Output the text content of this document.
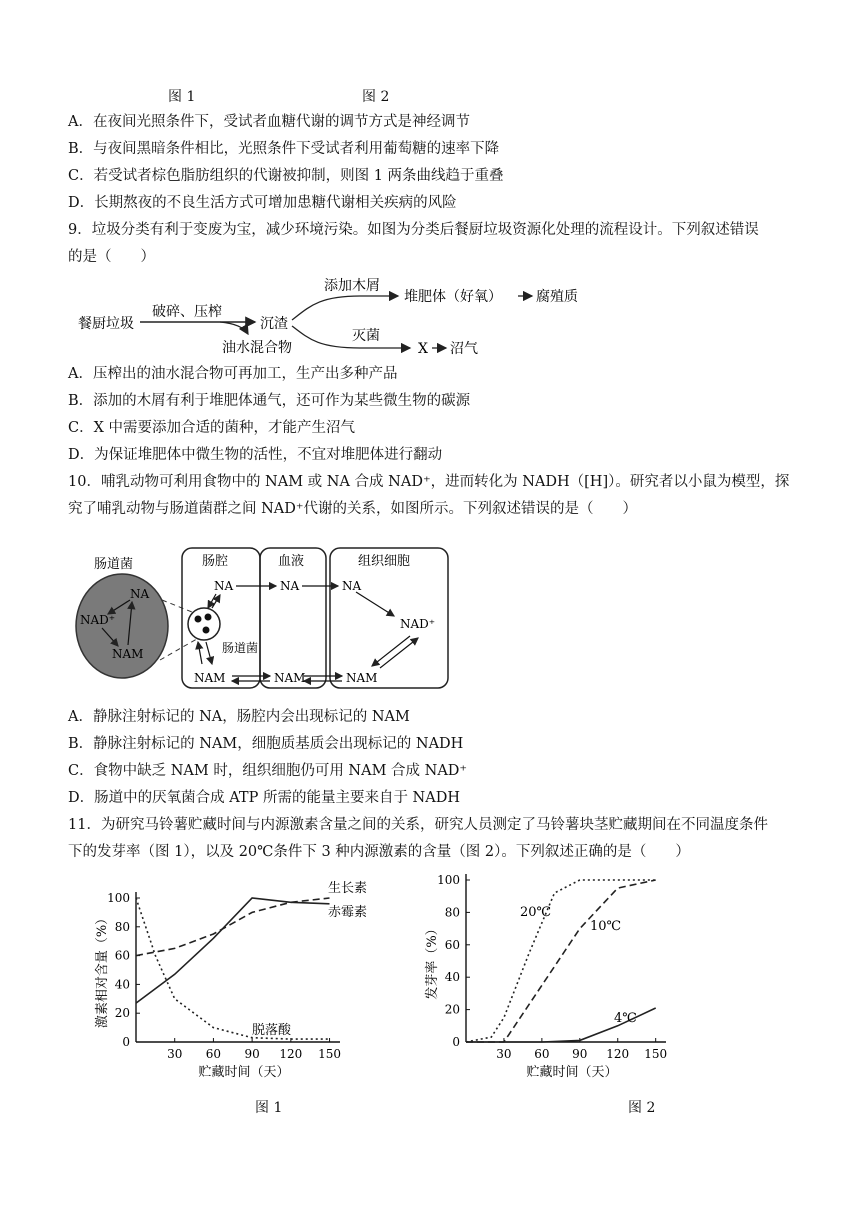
图 1	图 2
A．在夜间光照条件下，受试者血糖代谢的调节方式是神经调节
B．与夜间黑暗条件相比，光照条件下受试者利用葡萄糖的速率下降
C．若受试者棕色脂肪组织的代谢被抑制，则图 1 两条曲线趋于重叠
D．长期熬夜的不良生活方式可增加患糖代谢相关疾病的风险
9．垃圾分类有利于变废为宝，减少环境污染。如图为分类后餐厨垃圾资源化处理的流程设计。下列叙述错误
的是（　　）
餐厨垃圾
破碎、压榨
沉渣
油水混合物
添加木屑
堆肥体（好氧） 腐殖质
灭菌
X 沼气
A．压榨出的油水混合物可再加工，生产出多种产品
B．添加的木屑有利于堆肥体通气，还可作为某些微生物的碳源
C．X 中需要添加合适的菌种，才能产生沼气
D．为保证堆肥体中微生物的活性，不宜对堆肥体进行翻动
10．哺乳动物可利用食物中的 NAM 或 NA 合成 NAD⁺，进而转化为 NADH（[H]）。研究者以小鼠为模型，探
究了哺乳动物与肠道菌群之间 NAD⁺代谢的关系，如图所示。下列叙述错误的是（　　）
肠道菌
NA
NAD⁺
NAM
肠腔	血液	组织细胞
NA
肠道菌
NAM
NA
NAM
NA
NAD⁺
NAM
A．静脉注射标记的 NA，肠腔内会出现标记的 NAM
B．静脉注射标记的 NAM，细胞质基质会出现标记的 NADH
C．食物中缺乏 NAM 时，组织细胞仍可用 NAM 合成 NAD⁺
D．肠道中的厌氧菌合成 ATP 所需的能量主要来自于 NADH
11．为研究马铃薯贮藏时间与内源激素含量之间的关系，研究人员测定了马铃薯块茎贮藏期间在不同温度条件
下的发芽率（图 1），以及 20℃条件下 3 种内源激素的含量（图 2）。下列叙述正确的是（　　）
0
20
40
60
80
100
30 60 90 120 150
贮藏时间（天）
激素相对含量（%）
生长素
赤霉素
脱落酸
0
20
40
60
80
100
30 60 90 120 150
贮藏时间（天）
发芽率（%）
20℃
10℃
4℃
图 1	图 2
